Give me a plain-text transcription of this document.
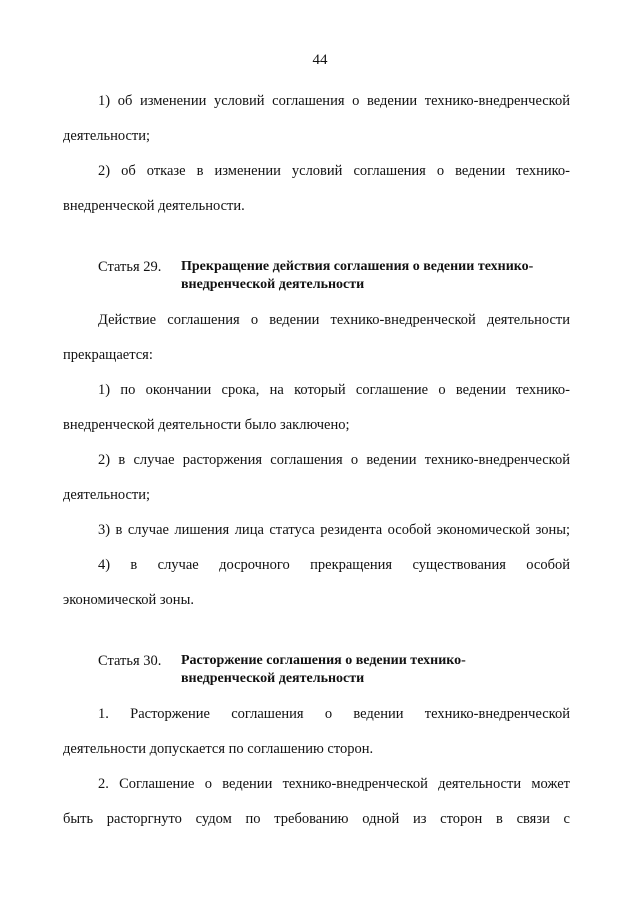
44
1) об изменении условий соглашения о ведении технико-внедренческой
деятельности;
2) об отказе в изменении условий соглашения о ведении технико-
внедренческой деятельности.
Статья 29. Прекращение действия соглашения о ведении технико-
внедренческой деятельности
Действие соглашения о ведении технико-внедренческой деятельности
прекращается:
1) по окончании срока, на который соглашение о ведении технико-
внедренческой деятельности было заключено;
2) в случае расторжения соглашения о ведении технико-внедренческой
деятельности;
3) в случае лишения лица статуса резидента особой экономической зоны;
4) в случае досрочного прекращения существования особой
экономической зоны.
Статья 30. Расторжение соглашения о ведении технико-
внедренческой деятельности
1. Расторжение соглашения о ведении технико-внедренческой
деятельности допускается по соглашению сторон.
2. Соглашение о ведении технико-внедренческой деятельности может
быть расторгнуто судом по требованию одной из сторон в связи с
